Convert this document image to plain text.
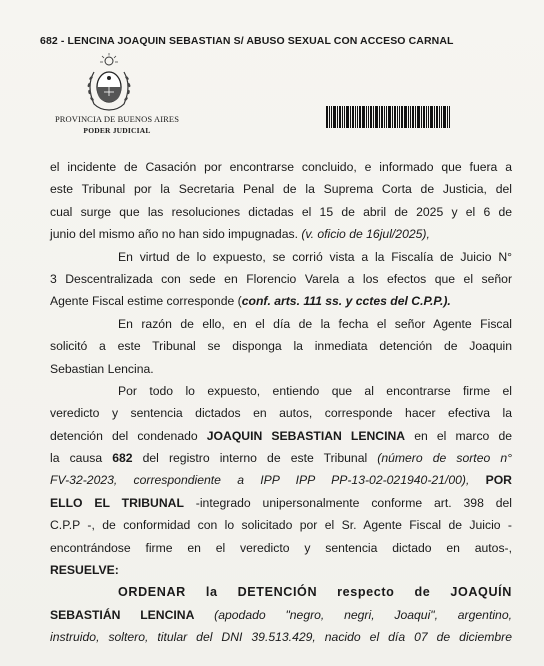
682 - LENCINA JOAQUIN SEBASTIAN S/ ABUSO SEXUAL CON ACCESO CARNAL
PROVINCIA DE BUENOS AIRES
PODER JUDICIAL
el incidente de Casación por encontrarse concluido, e informado que fuera a
este Tribunal por la Secretaria Penal de la Suprema Corta de Justicia, del
cual surge que las resoluciones dictadas el 15 de abril de 2025 y el 6 de
junio del mismo año no han sido impugnadas. (v. oficio de 16jul/2025),
En virtud de lo expuesto, se corrió vista a la Fiscalía de Juicio N°
3 Descentralizada con sede en Florencio Varela a los efectos que el señor
Agente Fiscal estime corresponde (conf. arts. 111 ss. y cctes del C.P.P.).
En razón de ello, en el día de la fecha el señor Agente Fiscal
solicitó a este Tribunal se disponga la inmediata detención de Joaquin
Sebastian Lencina.
Por todo lo expuesto, entiendo que al encontrarse firme el
veredicto y sentencia dictados en autos, corresponde hacer efectiva la
detención del condenado JOAQUIN SEBASTIAN LENCINA en el marco de
la causa 682 del registro interno de este Tribunal (número de sorteo n°
FV-32-2023, correspondiente a IPP IPP PP-13-02-021940-21/00), POR
ELLO EL TRIBUNAL -integrado unipersonalmente conforme art. 398 del
C.P.P -, de conformidad con lo solicitado por el Sr. Agente Fiscal de Juicio -
encontrándose firme en el veredicto y sentencia dictado en autos-,
RESUELVE:
ORDENAR la DETENCIÓN respecto de JOAQUÍN
SEBASTIÁN LENCINA (apodado "negro, negri, Joaqui", argentino,
instruido, soltero, titular del DNI 39.513.429, nacido el día 07 de diciembre
